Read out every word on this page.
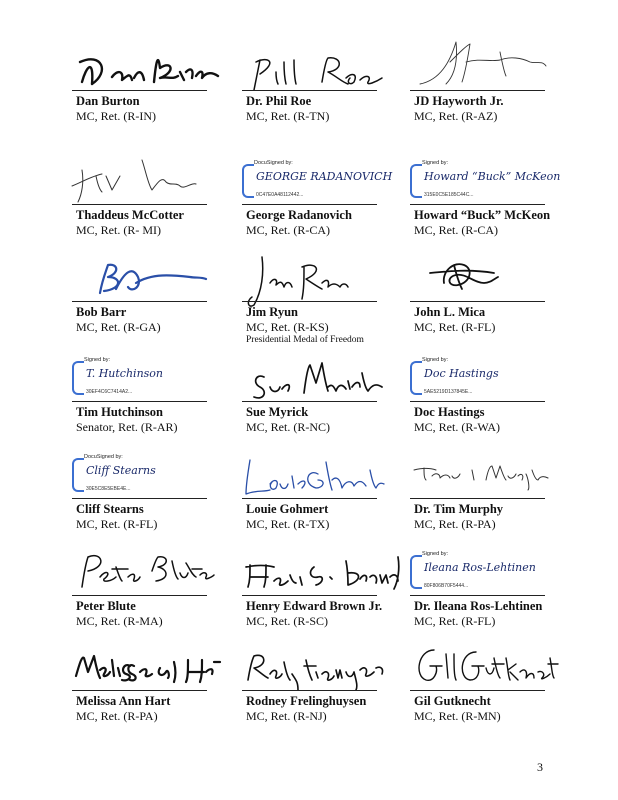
Dan Burton
MC, Ret. (R-IN)
Dr. Phil Roe
MC, Ret. (R-TN)
JD Hayworth Jr.
MC, Ret. (R-AZ)
Thaddeus McCotter
MC, Ret. (R- MI)
DocuSigned by:
GEORGE RADANOVICH
0C47E0A48112442...
George Radanovich
MC, Ret. (R-CA)
Signed by:
Howard “Buck” McKeon
315E0C5E185C44C...
Howard “Buck” McKeon
MC, Ret. (R-CA)
Bob Barr
MC, Ret. (R-GA)
Jim Ryun
MC, Ret. (R-KS)
Presidential Medal of Freedom
John L. Mica
MC, Ret. (R-FL)
Signed by:
T. Hutchinson
30EF4C6C7414A2...
Tim Hutchinson
Senator, Ret. (R-AR)
Sue Myrick
MC, Ret. (R-NC)
Signed by:
Doc Hastings
5AE5219D137845E...
Doc Hastings
MC, Ret. (R-WA)
DocuSigned by:
Cliff Stearns
30E5C8E5EBE4E...
Cliff Stearns
MC, Ret. (R-FL)
Louie Gohmert
MC, Ret. (R-TX)
Dr. Tim Murphy
MC, Ret. (R-PA)
Peter Blute
MC, Ret. (R-MA)
Henry Edward Brown Jr.
MC, Ret. (R-SC)
Signed by:
Ileana Ros-Lehtinen
80F806B70F5444...
Dr. Ileana Ros-Lehtinen
MC, Ret. (R-FL)
Melissa Ann Hart
MC, Ret. (R-PA)
Rodney Frelinghuysen
MC, Ret. (R-NJ)
Gil Gutknecht
MC, Ret. (R-MN)
3
